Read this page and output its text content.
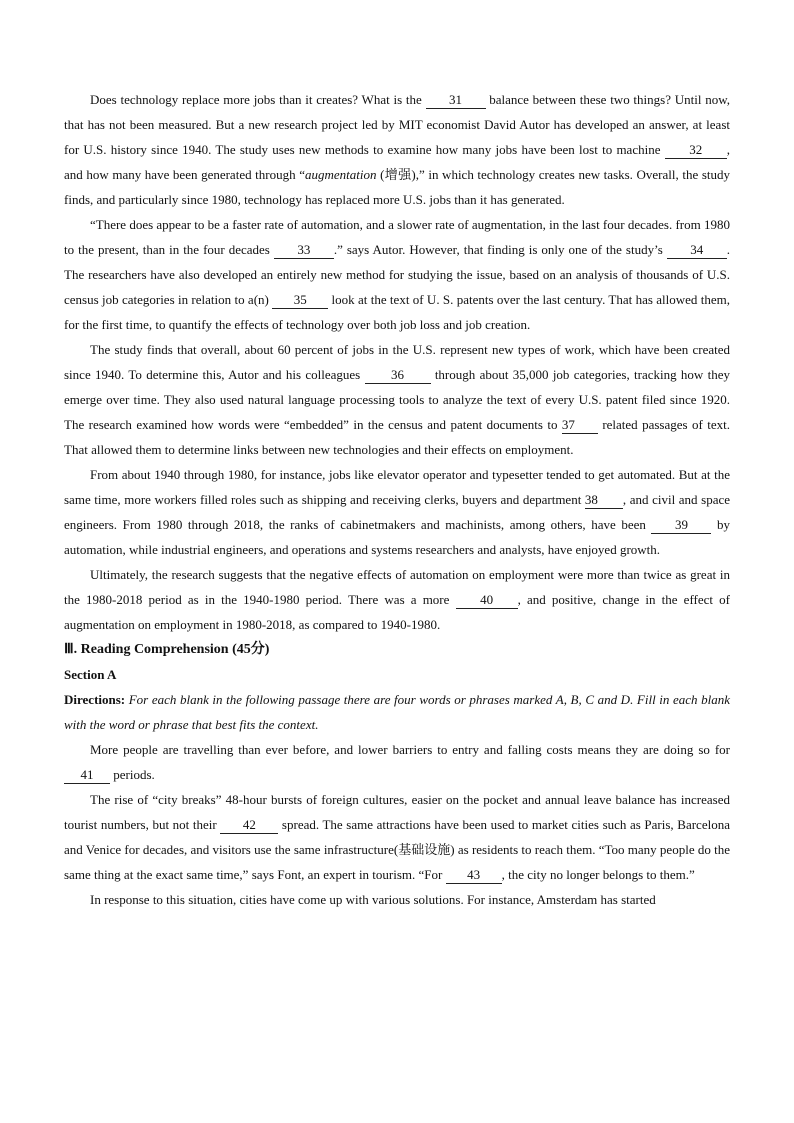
Does technology replace more jobs than it creates? What is the 31 balance between these two things? Until now, that has not been measured. But a new research project led by MIT economist David Autor has developed an answer, at least for U.S. history since 1940. The study uses new methods to examine how many jobs have been lost to machine 32 , and how many have been generated through “augmentation (增强),” in which technology creates new tasks. Overall, the study finds, and particularly since 1980, technology has replaced more U.S. jobs than it has generated.

“There does appear to be a faster rate of automation, and a slower rate of augmentation, in the last four decades. from 1980 to the present, than in the four decades 33 .” says Autor. However, that finding is only one of the study’s 34 . The researchers have also developed an entirely new method for studying the issue, based on an analysis of thousands of U.S. census job categories in relation to a(n) 35 look at the text of U. S. patents over the last century. That has allowed them, for the first time, to quantify the effects of technology over both job loss and job creation.

The study finds that overall, about 60 percent of jobs in the U.S. represent new types of work, which have been created since 1940. To determine this, Autor and his colleagues 36 through about 35,000 job categories, tracking how they emerge over time. They also used natural language processing tools to analyze the text of every U.S. patent filed since 1920. The research examined how words were “embedded” in the census and patent documents to 37 related passages of text. That allowed them to determine links between new technologies and their effects on employment.

From about 1940 through 1980, for instance, jobs like elevator operator and typesetter tended to get automated. But at the same time, more workers filled roles such as shipping and receiving clerks, buyers and department 38 , and civil and space engineers. From 1980 through 2018, the ranks of cabinetmakers and machinists, among others, have been 39 by automation, while industrial engineers, and operations and systems researchers and analysts, have enjoyed growth.

Ultimately, the research suggests that the negative effects of automation on employment were more than twice as great in the 1980-2018 period as in the 1940-1980 period. There was a more 40 , and positive, change in the effect of augmentation on employment in 1980-2018, as compared to 1940-1980.

Ⅲ. Reading Comprehension (45分)

Section A

Directions: For each blank in the following passage there are four words or phrases marked A, B, C and D. Fill in each blank with the word or phrase that best fits the context.

More people are travelling than ever before, and lower barriers to entry and falling costs means they are doing so for 41 periods.

The rise of “city breaks” 48-hour bursts of foreign cultures, easier on the pocket and annual leave balance has increased tourist numbers, but not their 42 spread. The same attractions have been used to market cities such as Paris, Barcelona and Venice for decades, and visitors use the same infrastructure(基础设施) as residents to reach them. “Too many people do the same thing at the exact same time,” says Font, an expert in tourism. “For 43 , the city no longer belongs to them.”

In response to this situation, cities have come up with various solutions. For instance, Amsterdam has started
